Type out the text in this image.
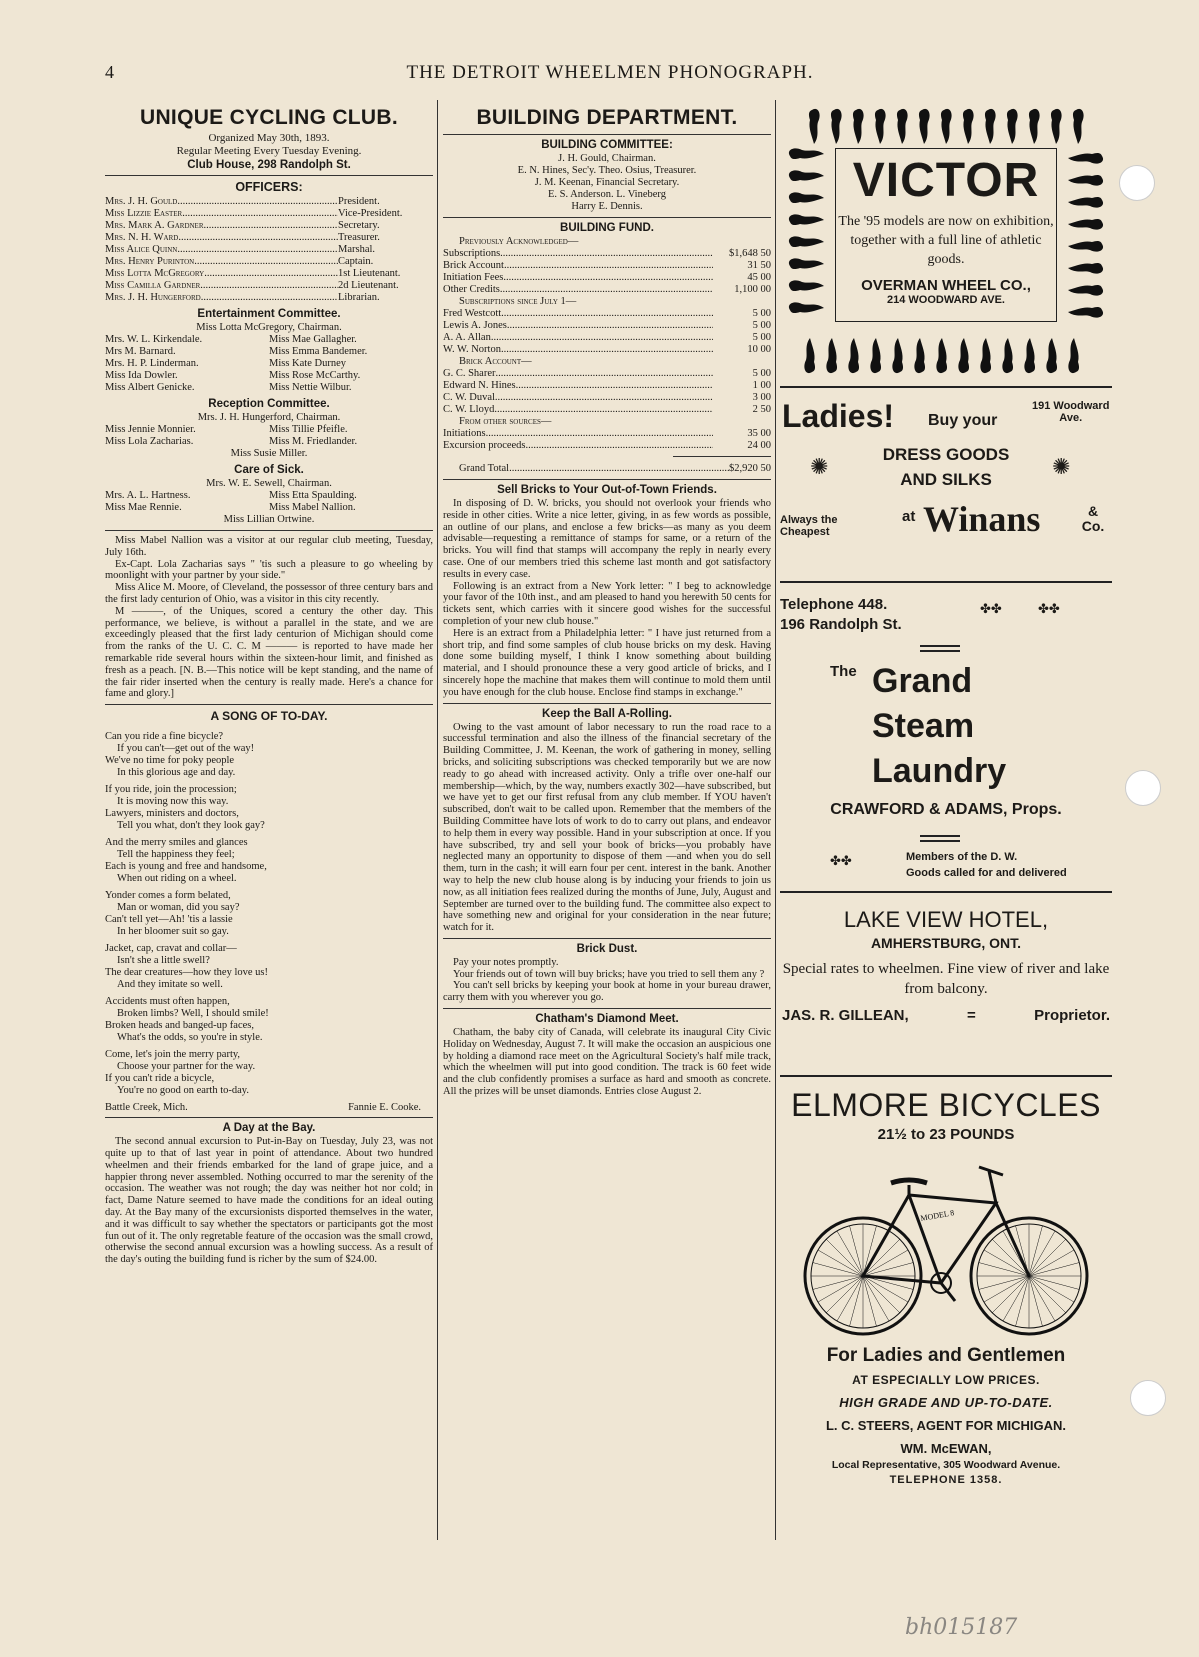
4	THE DETROIT WHEELMEN PHONOGRAPH.
UNIQUE CYCLING CLUB.
Organized May 30th, 1893.
Regular Meeting Every Tuesday Evening.
Club House, 298 Randolph St.
OFFICERS:
Mrs. J. H. Gould .....	President.
Miss Lizzie Easter .....	Vice-President.
Mrs. Mark A. Gardner .....	Secretary.
Mrs. N. H. Ward .....	Treasurer.
Miss Alice Quinn .....	Marshal.
Mrs. Henry Purinton .....	Captain.
Miss Lotta McGregory .....	1st Lieutenant.
Miss Camilla Gardner .....	2d Lieutenant.
Mrs. J. H. Hungerford .....	Librarian.
Entertainment Committee.
Miss Lotta McGregory, Chairman.
Mrs. W. L. Kirkendale.	Miss Mae Gallagher.
Mrs M. Barnard.	Miss Emma Bandemer.
Mrs. H. P. Linderman.	Miss Kate Durney
Miss Ida Dowler.	Miss Rose McCarthy.
Miss Albert Genicke.	Miss Nettie Wilbur.
Reception Committee.
Mrs. J. H. Hungerford, Chairman.
Miss Jennie Monnier.	Miss Tillie Pfeifle.
Miss Lola Zacharias.	Miss M. Friedlander.
Miss Susie Miller.
Care of Sick.
Mrs. W. E. Sewell, Chairman.
Mrs. A. L. Hartness.	Miss Etta Spaulding.
Miss Mae Rennie.	Miss Mabel Nallion.
Miss Lillian Ortwine.

Miss Mabel Nallion was a visitor at our regular club meeting, Tuesday, July 16th.

Ex-Capt. Lola Zacharias says " 'tis such a pleasure to go wheeling by moonlight with your partner by your side."

Miss Alice M. Moore, of Cleveland, the possessor of three century bars and the first lady centurion of Ohio, was a visitor in this city recently.

M ———, of the Uniques, scored a century the other day. This performance, we believe, is without a parallel in the state, and we are exceedingly pleased that the first lady centurion of Michigan should come from the ranks of the U. C. C. M ——— is reported to have made her remarkable ride several hours within the sixteen-hour limit, and finished as fresh as a peach. [N. B.—This notice will be kept standing, and the name of the fair rider inserted when the century is really made. Here's a chance for fame and glory.]

A SONG OF TO-DAY.
Can you ride a fine bicycle?
If you can't—get out of the way!
We've no time for poky people
In this glorious age and day.
If you ride, join the procession;
It is moving now this way.
Lawyers, ministers and doctors,
Tell you what, don't they look gay?
And the merry smiles and glances
Tell the happiness they feel;
Each is young and free and handsome,
When out riding on a wheel.
Yonder comes a form belated,
Man or woman, did you say?
Can't tell yet—Ah! 'tis a lassie
In her bloomer suit so gay.
Jacket, cap, cravat and collar—
Isn't she a little swell?
The dear creatures—how they love us!
And they imitate so well.
Accidents must often happen,
Broken limbs? Well, I should smile!
Broken heads and banged-up faces,
What's the odds, so you're in style.
Come, let's join the merry party,
Choose your partner for the way.
If you can't ride a bicycle,
You're no good on earth to-day.
Battle Creek, Mich.	Fannie E. Cooke.
A Day at the Bay.

The second annual excursion to Put-in-Bay on Tuesday, July 23, was not quite up to that of last year in point of attendance. About two hundred wheelmen and their friends embarked for the land of grape juice, and a happier throng never assembled. Nothing occurred to mar the serenity of the occasion. The weather was not rough; the day was neither hot nor cold; in fact, Dame Nature seemed to have made the conditions for an ideal outing day. At the Bay many of the excursionists disported themselves in the water, and it was difficult to say whether the spectators or participants got the most fun out of it. The only regretable feature of the occasion was the small crowd, otherwise the second annual excursion was a howling success. As a result of the day's outing the building fund is richer by the sum of $24.00.

BUILDING DEPARTMENT.
BUILDING COMMITTEE:
J. H. Gould, Chairman.
E. N. Hines, Sec'y. Theo. Osius, Treasurer.
J. M. Keenan, Financial Secretary.
E. S. Anderson. L. Vineberg
Harry E. Dennis.
BUILDING FUND.
Previously Acknowledged—
Subscriptions .....	$1,648 50
Brick Account .....	31 50
Initiation Fees .....	45 00
Other Credits .....	1,100 00
Subscriptions since July 1—
Fred Westcott .....	5 00
Lewis A. Jones .....	5 00
A. A. Allan .....	5 00
W. W. Norton .....	10 00
Brick Account—
G. C. Sharer .....	5 00
Edward N. Hines .....	1 00
C. W. Duval .....	3 00
C. W. Lloyd .....	2 50
From other sources—
Initiations .....	35 00
Excursion proceeds .....	24 00
Grand Total .....	$2,920 50
Sell Bricks to Your Out-of-Town Friends.

In disposing of D. W. bricks, you should not overlook your friends who reside in other cities. Write a nice letter, giving, in as few words as possible, an outline of our plans, and enclose a few bricks—as many as you deem advisable—requesting a remittance of stamps for same, or a return of the bricks. You will find that stamps will accompany the reply in nearly every case. One of our members tried this scheme last month and got satisfactory results in every case.

Following is an extract from a New York letter: " I beg to acknowledge your favor of the 10th inst., and am pleased to hand you herewith 50 cents for tickets sent, which carries with it sincere good wishes for the successful completion of your new club house."

Here is an extract from a Philadelphia letter: " I have just returned from a short trip, and find some samples of club house bricks on my desk. Having done some building myself, I think I know something about building material, and I should pronounce these a very good article of bricks, and I sincerely hope the machine that makes them will continue to mold them until you have enough for the club house. Enclose find stamps in exchange."

Keep the Ball A-Rolling.

Owing to the vast amount of labor necessary to run the road race to a successful termination and also the illness of the financial secretary of the Building Committee, J. M. Keenan, the work of gathering in money, selling bricks, and soliciting subscriptions was checked temporarily but we are now ready to go ahead with increased activity. Only a trifle over one-half our membership—which, by the way, numbers exactly 302—have subscribed, but we have yet to get our first refusal from any club member. If YOU haven't subscribed, don't wait to be called upon. Remember that the members of the Building Committee have lots of work to do to carry out plans, and endeavor to help them in every way possible. Hand in your subscription at once. If you have subscribed, try and sell your book of bricks—you probably have neglected many an opportunity to dispose of them —and when you do sell them, turn in the cash; it will earn four per cent. interest in the bank. Another way to help the new club house along is by inducing your friends to join us now, as all initiation fees realized during the months of June, July, August and September are turned over to the building fund. The committee also expect to have something new and original for your consideration in the near future; watch for it.

Brick Dust.

Pay your notes promptly.

Your friends out of town will buy bricks; have you tried to sell them any ?

You can't sell bricks by keeping your book at home in your bureau drawer, carry them with you wherever you go.

Chatham's Diamond Meet.

Chatham, the baby city of Canada, will celebrate its inaugural City Civic Holiday on Wednesday, August 7. It will make the occasion an auspicious one by holding a diamond race meet on the Agricultural Society's half mile track, which the wheelmen will put into good condition. The track is 60 feet wide and the club confidently promises a surface as hard and smooth as concrete. All the prizes will be unset diamonds. Entries close August 2.

VICTOR
The '95 models are now on exhibition, together with a full line of athletic goods.
OVERMAN WHEEL CO.,
214 WOODWARD AVE.
Ladies! Buy your
191 Woodward
Ave.
DRESS GOODS
AND SILKS
✺	✺
Always the Cheapest
at Winans	& Co.
Telephone 448.
196 Randolph St.
✤✤	✤✤
The Grand
Steam
Laundry
CRAWFORD & ADAMS, Props.
✤✤	Members of the D. W.
Goods called for and delivered
LAKE VIEW HOTEL,
AMHERSTBURG, ONT.
Special rates to wheelmen. Fine view of river and lake from balcony.
JAS. R. GILLEAN,	=	Proprietor.
ELMORE BICYCLES
21½ to 23 POUNDS
MODEL 8
For Ladies and Gentlemen
AT ESPECIALLY LOW PRICES.
HIGH GRADE AND UP-TO-DATE.
L. C. STEERS, AGENT FOR MICHIGAN.
WM. McEWAN,
Local Representative, 305 Woodward Avenue.
TELEPHONE 1358.
bh015187
